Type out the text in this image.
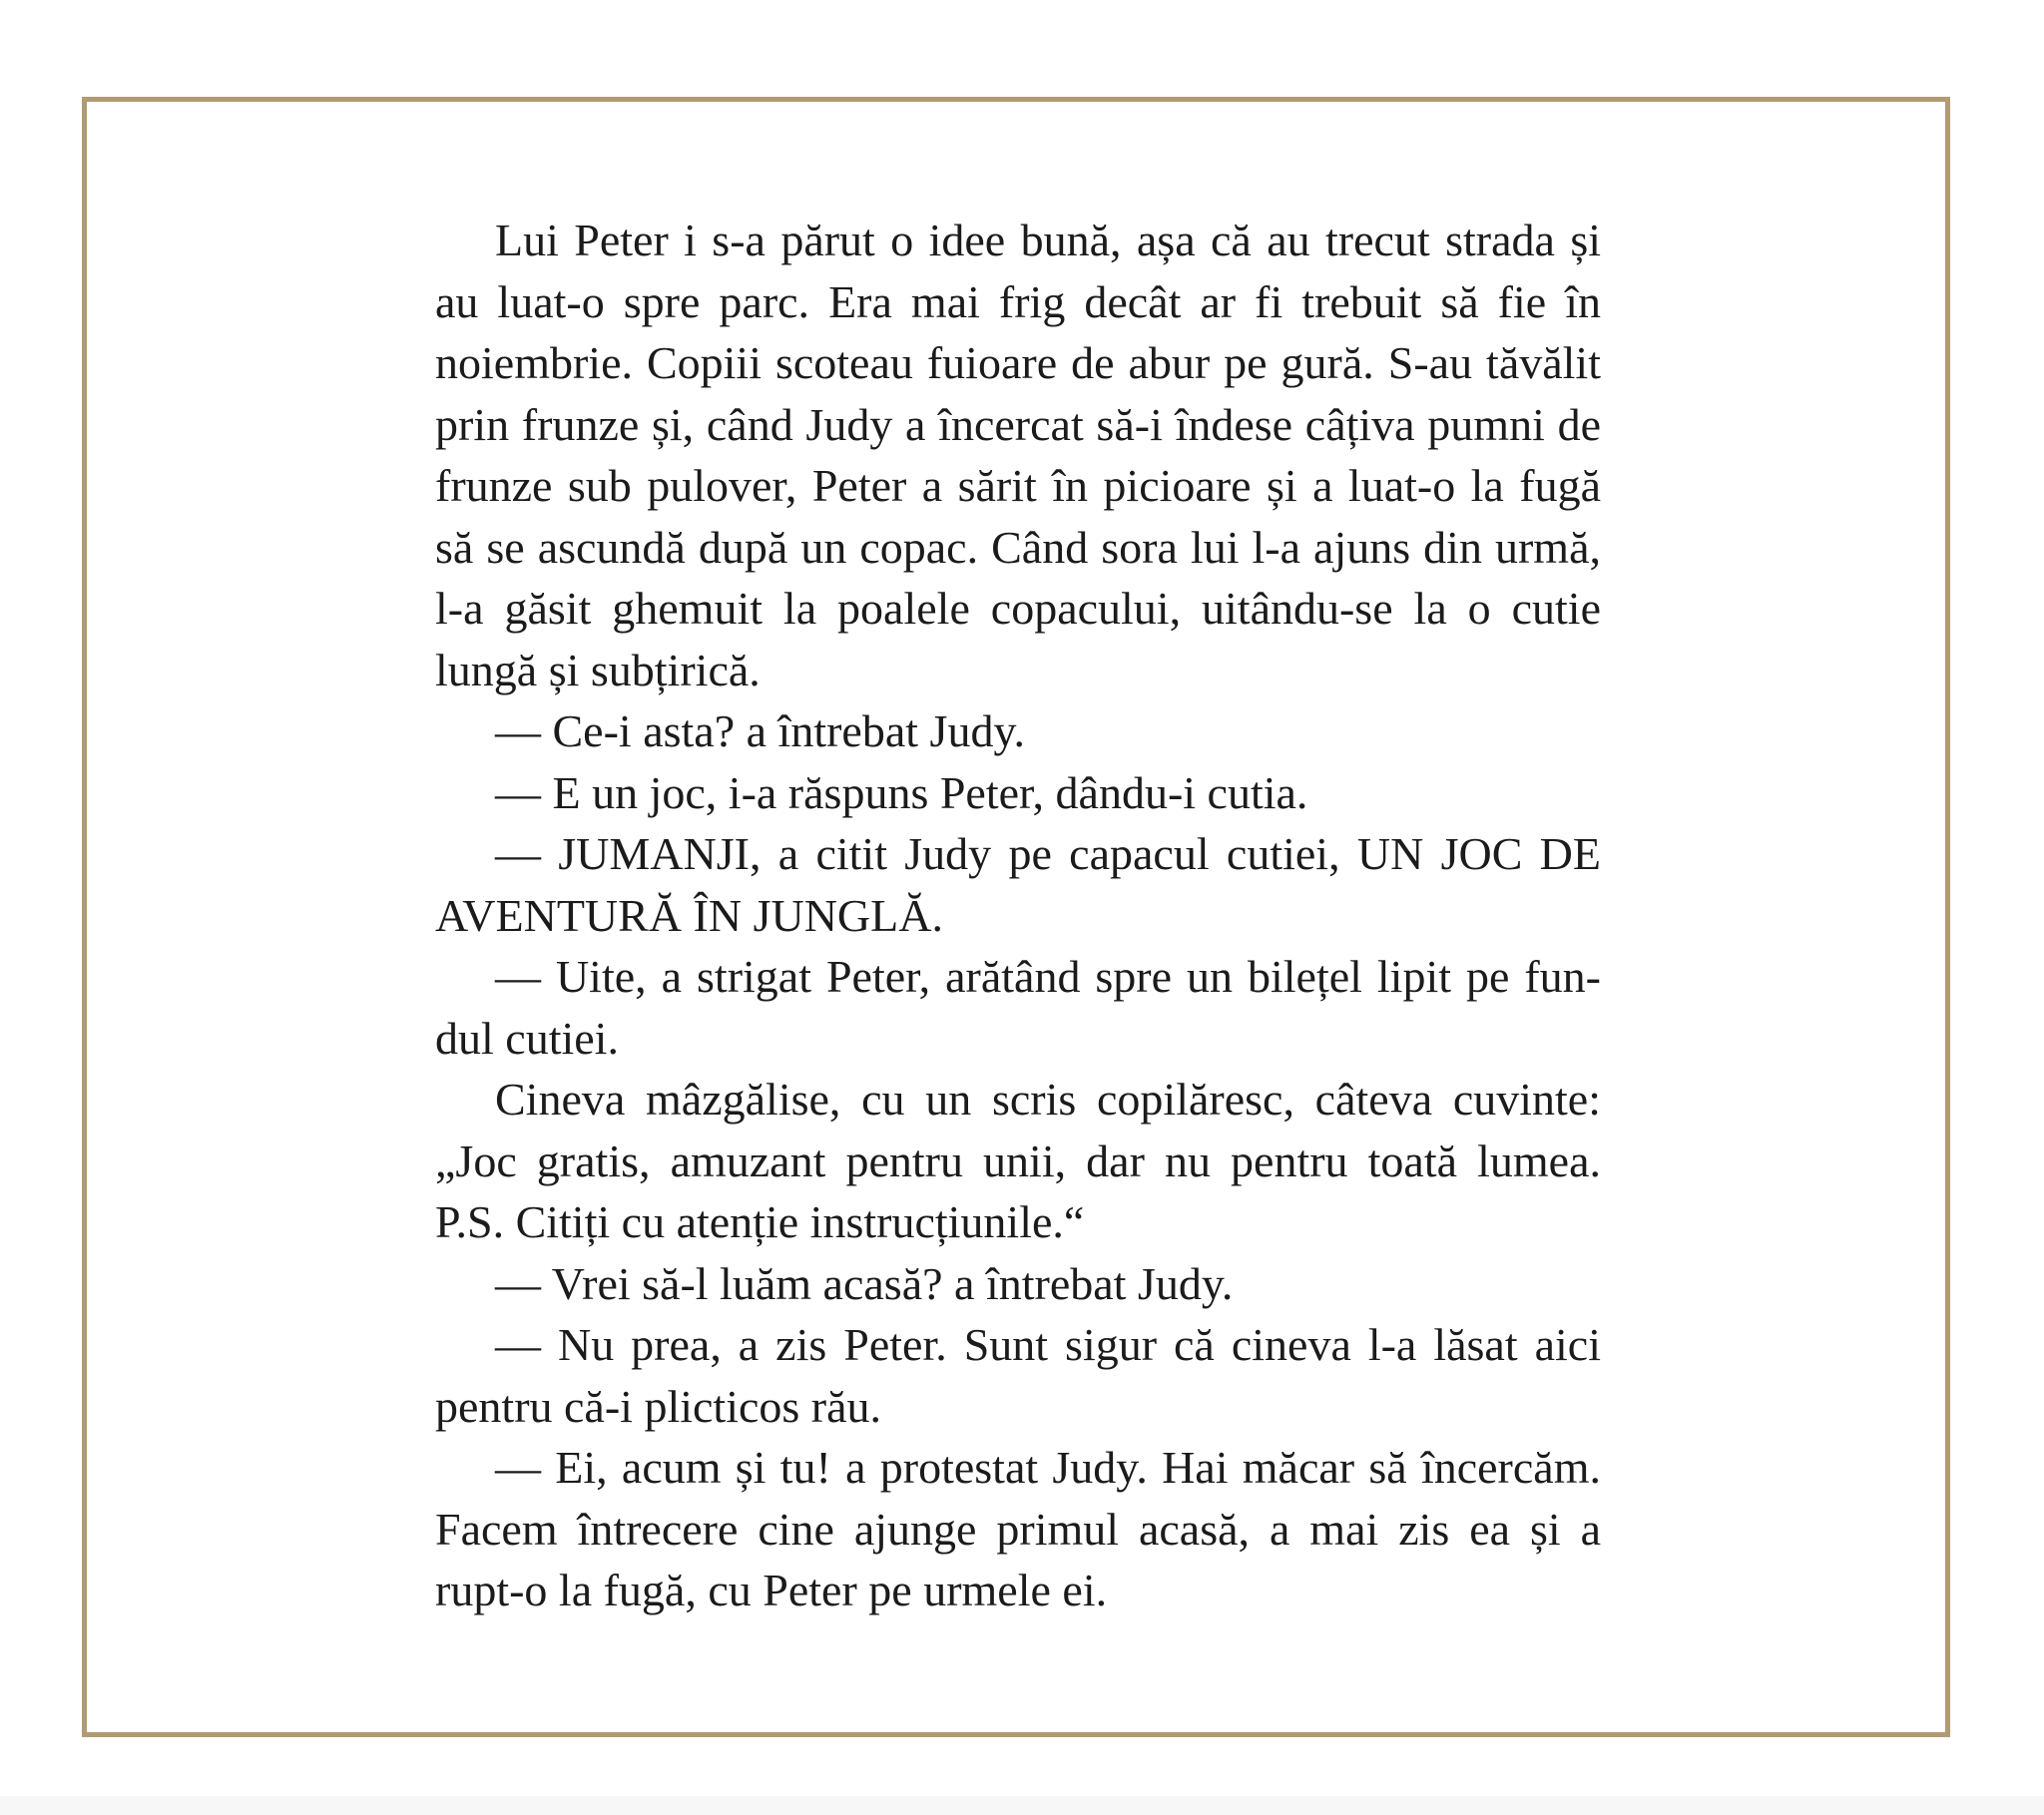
Lui Peter i s-a părut o idee bună, așa că au trecut strada și au luat-o spre parc. Era mai frig decât ar fi trebuit să fie în noiembrie. Copiii scoteau fuioare de abur pe gură. S-au tăvălit prin frunze și, când Judy a încercat să-i îndese câțiva pumni de frunze sub pulover, Peter a sărit în picioare și a luat-o la fugă să se ascundă după un copac. Când sora lui l-a ajuns din urmă, l-a găsit ghemuit la poalele copacului, uitându-se la o cutie lungă și subțirică.

— Ce-i asta? a întrebat Judy.

— E un joc, i-a răspuns Peter, dându-i cutia.

— JUMANJI, a citit Judy pe capacul cutiei, UN JOC DE AVENTURĂ ÎN JUNGLĂ.

— Uite, a strigat Peter, arătând spre un bilețel lipit pe fun-dul cutiei.

Cineva mâzgălise, cu un scris copilăresc, câteva cuvinte: „Joc gratis, amuzant pentru unii, dar nu pentru toată lumea. P.S. Citiți cu atenție instrucțiunile.“

— Vrei să-l luăm acasă? a întrebat Judy.

— Nu prea, a zis Peter. Sunt sigur că cineva l-a lăsat aici pentru că-i plicticos rău.

— Ei, acum și tu! a protestat Judy. Hai măcar să încercăm. Facem întrecere cine ajunge primul acasă, a mai zis ea și a rupt-o la fugă, cu Peter pe urmele ei.
